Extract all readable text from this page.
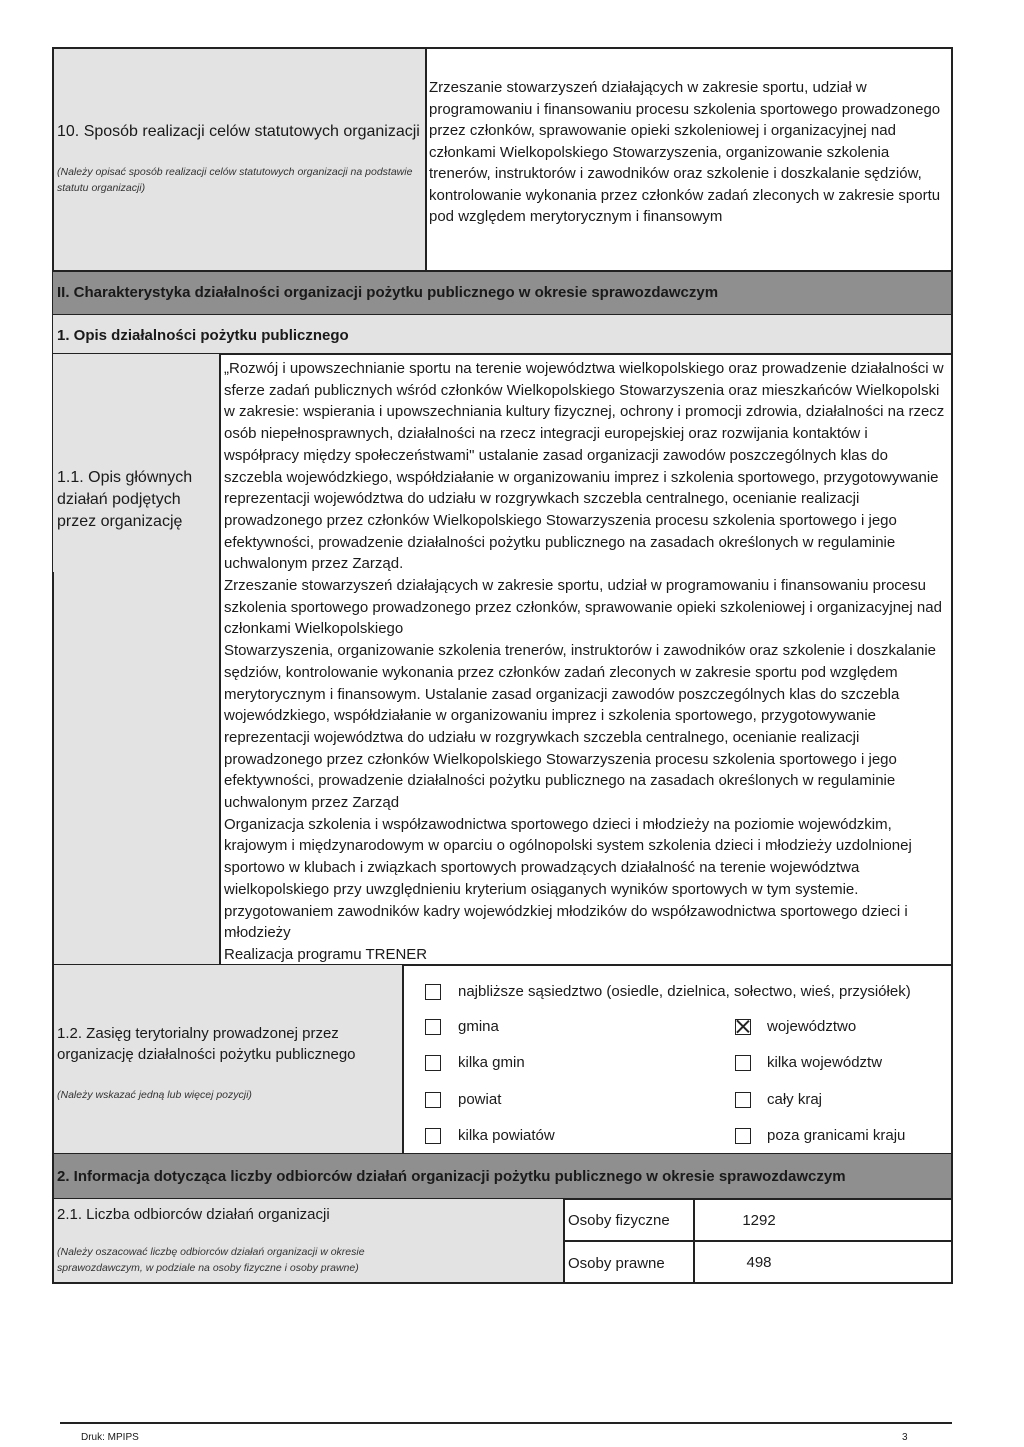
10. Sposób realizacji celów statutowych organizacji
(Należy opisać sposób realizacji celów statutowych organizacji na podstawie statutu organizacji)
Zrzeszanie stowarzyszeń działających w zakresie sportu, udział w programowaniu i finansowaniu procesu szkolenia sportowego prowadzonego przez członków, sprawowanie opieki szkoleniowej i organizacyjnej nad członkami Wielkopolskiego Stowarzyszenia, organizowanie szkolenia trenerów, instruktorów i zawodników oraz szkolenie i doszkalanie sędziów, kontrolowanie wykonania przez członków zadań zleconych w zakresie sportu pod względem merytorycznym i finansowym
II. Charakterystyka działalności organizacji pożytku publicznego w okresie sprawozdawczym
1. Opis działalności pożytku publicznego
1.1. Opis głównych działań podjętych przez organizację
„Rozwój i upowszechnianie sportu na terenie województwa wielkopolskiego oraz prowadzenie działalności w sferze zadań publicznych wśród członków Wielkopolskiego Stowarzyszenia oraz mieszkańców Wielkopolski w zakresie: wspierania i upowszechniania kultury fizycznej, ochrony i promocji zdrowia, działalności na rzecz osób niepełnosprawnych, działalności na rzecz integracji europejskiej oraz rozwijania kontaktów i współpracy między społeczeństwami" ustalanie zasad organizacji zawodów poszczególnych klas do szczebla wojewódzkiego, współdziałanie w organizowaniu imprez i szkolenia sportowego, przygotowywanie reprezentacji województwa do udziału w rozgrywkach szczebla centralnego, ocenianie realizacji prowadzonego przez członków Wielkopolskiego Stowarzyszenia procesu szkolenia sportowego i jego efektywności, prowadzenie działalności pożytku publicznego na zasadach określonych w regulaminie uchwalonym przez Zarząd.
Zrzeszanie stowarzyszeń działających w zakresie sportu, udział w programowaniu i finansowaniu procesu szkolenia sportowego prowadzonego przez członków, sprawowanie opieki szkoleniowej i organizacyjnej nad członkami Wielkopolskiego
Stowarzyszenia, organizowanie szkolenia trenerów, instruktorów i zawodników oraz szkolenie i doszkalanie sędziów, kontrolowanie wykonania przez członków zadań zleconych w zakresie sportu pod względem merytorycznym i finansowym. Ustalanie zasad organizacji zawodów poszczególnych klas do szczebla wojewódzkiego, współdziałanie w organizowaniu imprez i szkolenia sportowego, przygotowywanie reprezentacji województwa do udziału w rozgrywkach szczebla centralnego, ocenianie realizacji prowadzonego przez członków Wielkopolskiego Stowarzyszenia procesu szkolenia sportowego i jego efektywności, prowadzenie działalności pożytku publicznego na zasadach określonych w regulaminie uchwalonym przez Zarząd
Organizacja szkolenia i współzawodnictwa sportowego dzieci i młodzieży na poziomie wojewódzkim, krajowym i międzynarodowym w oparciu o ogólnopolski system szkolenia dzieci i młodzieży uzdolnionej sportowo w klubach i związkach sportowych prowadzących działalność na terenie województwa wielkopolskiego przy uwzględnieniu kryterium osiąganych wyników sportowych w tym systemie.
przygotowaniem zawodników kadry wojewódzkiej młodzików do współzawodnictwa sportowego dzieci i młodzieży
Realizacja programu TRENER
1.2. Zasięg terytorialny prowadzonej przez organizację działalności pożytku publicznego
(Należy wskazać jedną lub więcej pozycji)
najbliższe sąsiedztwo (osiedle, dzielnica, sołectwo, wieś, przysiółek)
gmina	województwo
kilka gmin	kilka województw
powiat	cały kraj
kilka powiatów	poza granicami kraju
2. Informacja dotycząca liczby odbiorców działań organizacji pożytku publicznego w okresie sprawozdawczym
2.1. Liczba odbiorców działań organizacji
(Należy oszacować liczbę odbiorców działań organizacji w okresie sprawozdawczym, w podziale na osoby fizyczne i osoby prawne)
Osoby fizyczne	1292
Osoby prawne	498
Druk: MPIPS	3
